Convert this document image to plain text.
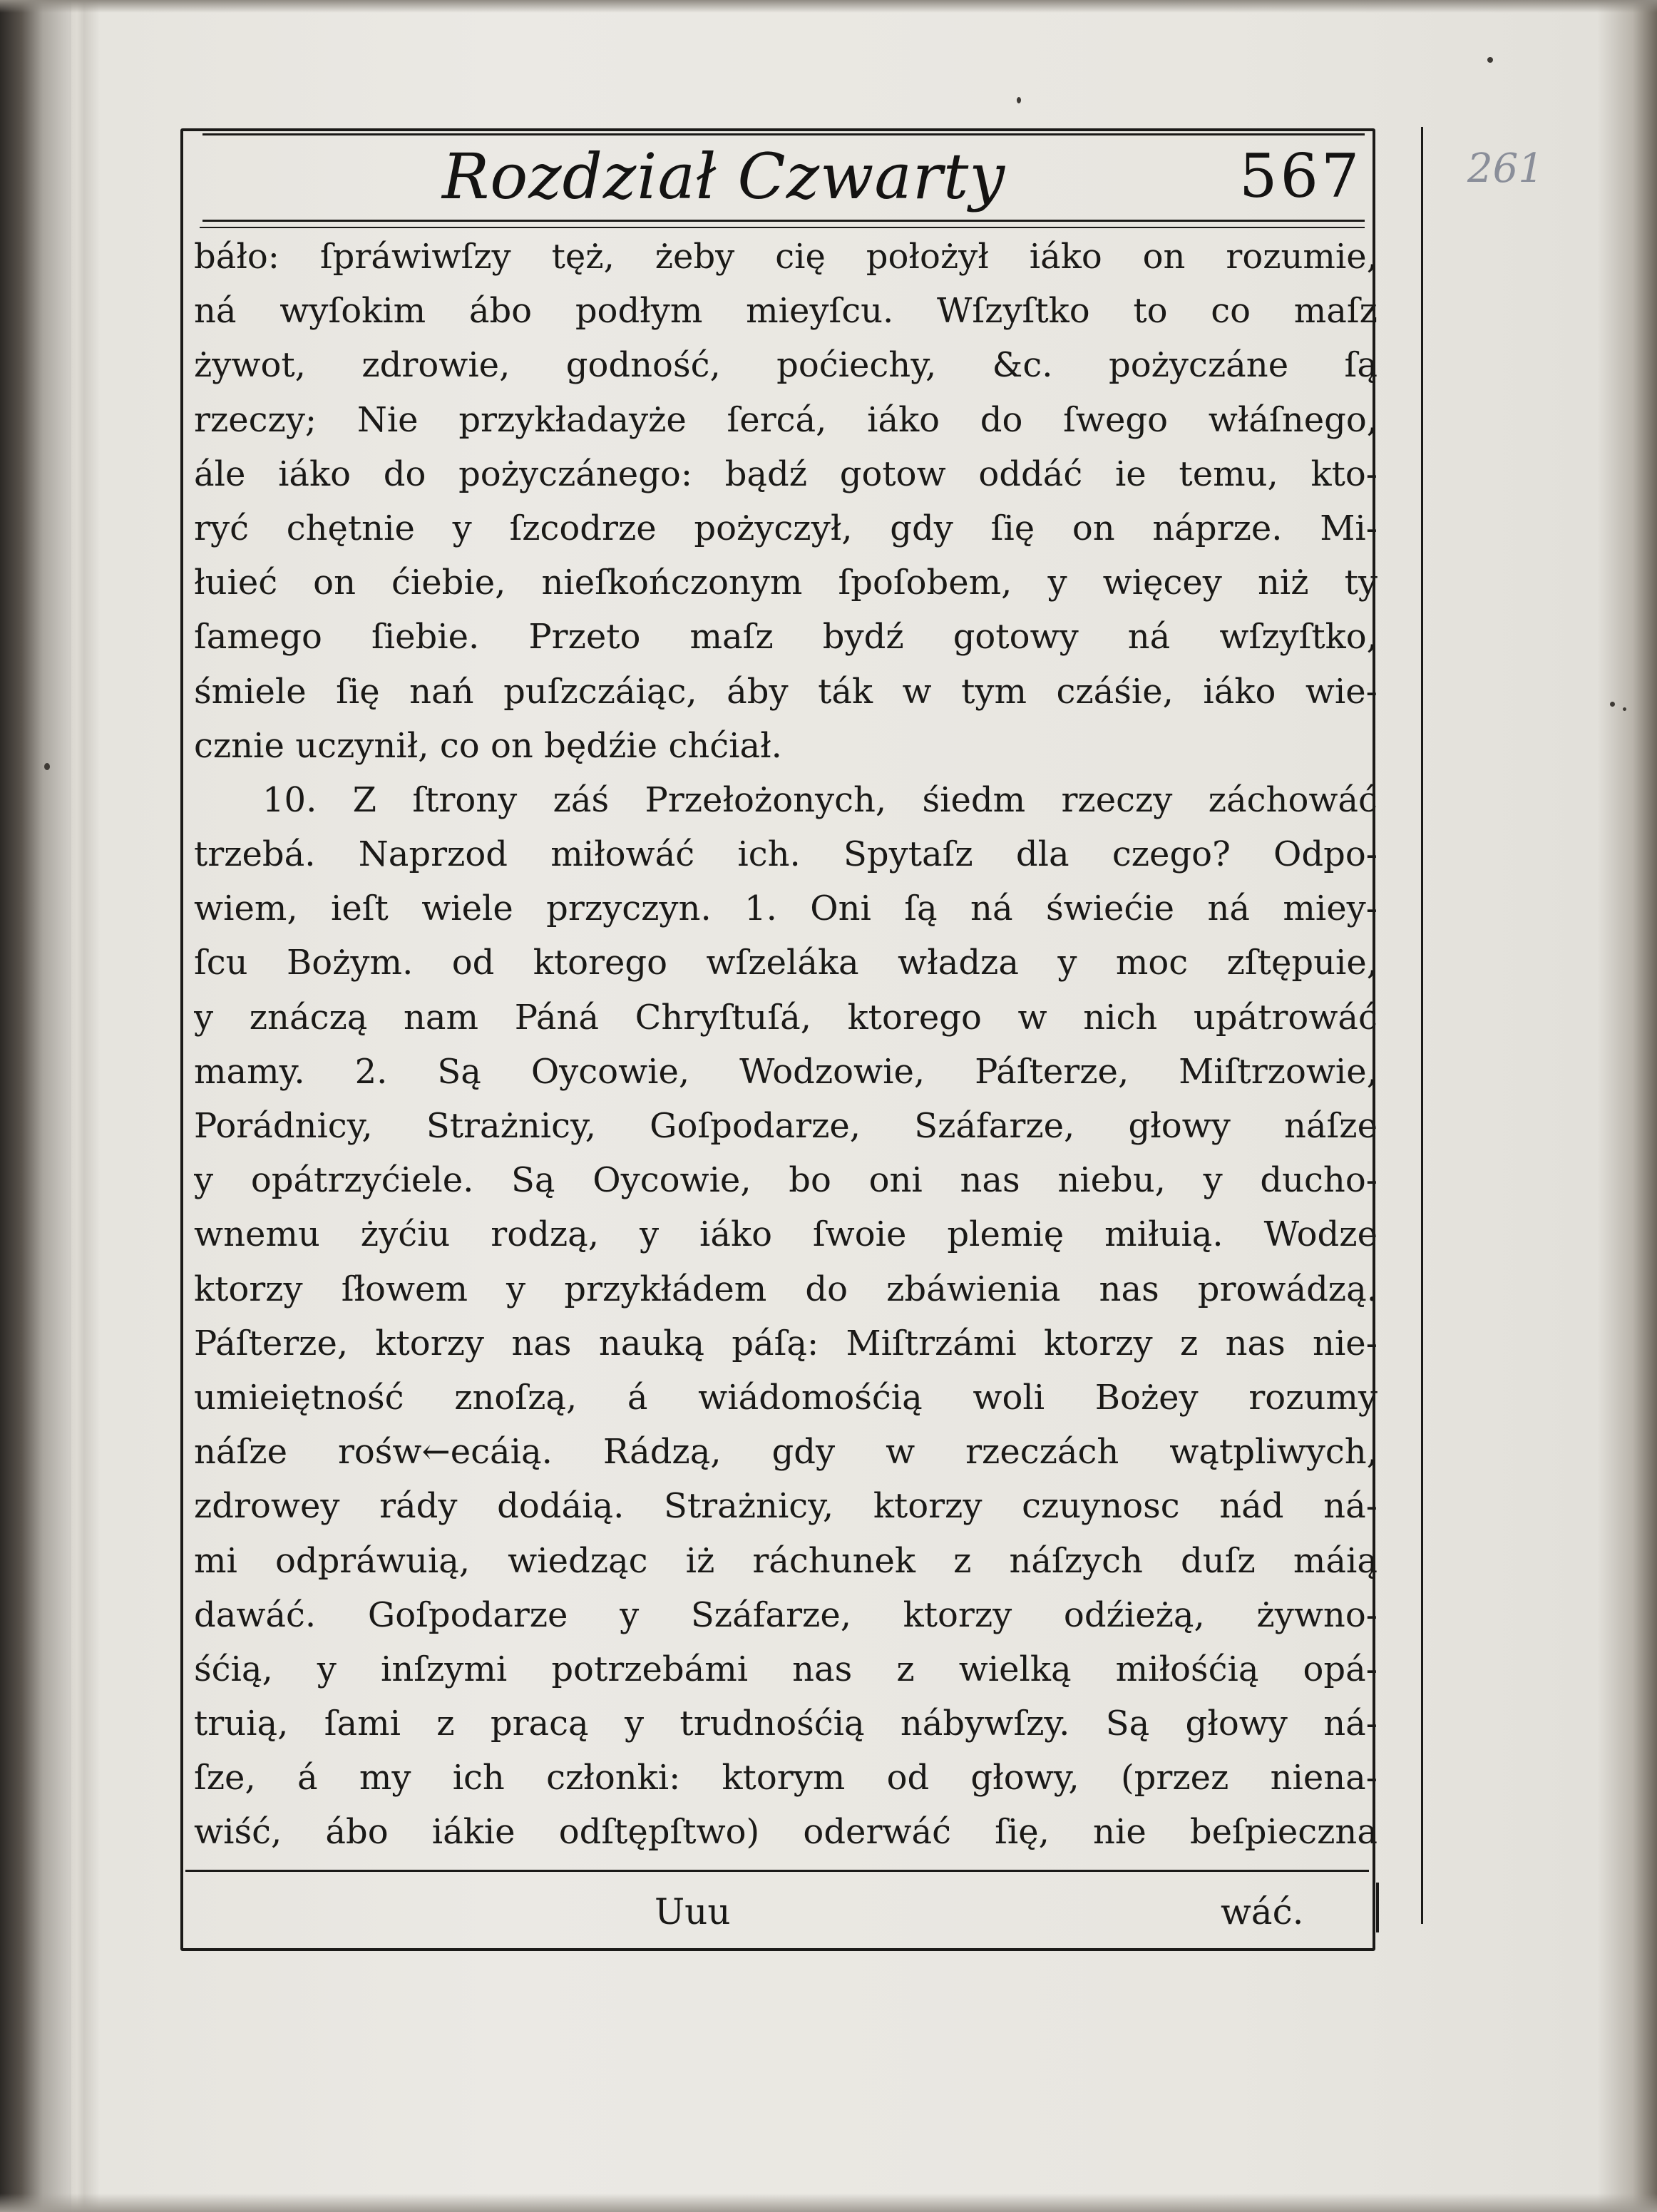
Rozdział Czwarty	567	261
báło: ſpráwiwſzy tęż, żeby cię położył iáko on rozumie,
ná wyſokim ábo podłym mieyſcu. Wſzyſtko to co maſz
żywot, zdrowie, godność, poćiechy, &c. pożyczáne ſą
rzeczy; Nie przykładayże ſercá, iáko do ſwego włáſnego,
ále iáko do pożyczánego: bądź gotow oddáć ie temu, kto-
ryć chętnie y ſzcodrze pożyczył, gdy ſię on náprze. Mi-
łuieć on ćiebie, nieſkończonym ſpoſobem, y więcey niż ty
ſamego ſiebie. Przeto maſz bydź gotowy ná wſzyſtko,
śmiele ſię nań puſzczáiąc, áby ták w tym czáśie, iáko wie-
cznie uczynił, co on będźie chćiał.
10. Z ſtrony záś Przełożonych, śiedm rzeczy záchowáć
trzebá. Naprzod miłowáć ich. Spytaſz dla czego? Odpo-
wiem, ieſt wiele przyczyn. 1. Oni ſą ná świećie ná miey-
ſcu Bożym. od ktorego wſzeláka władza y moc zſtępuie,
y znáczą nam Páná Chryſtuſá, ktorego w nich upátrowáć
mamy. 2. Są Oycowie, Wodzowie, Páſterze, Miſtrzowie,
Porádnicy, Strażnicy, Goſpodarze, Száfarze, głowy náſze
y opátrzyćiele. Są Oycowie, bo oni nas niebu, y ducho-
wnemu żyćiu rodzą, y iáko ſwoie plemię miłuią. Wodze
ktorzy ſłowem y przykłádem do zbáwienia nas prowádzą.
Páſterze, ktorzy nas nauką páſą: Miſtrzámi ktorzy z nas nie-
umieiętność znoſzą, á wiádomośćią woli Bożey rozumy
náſze rośw←ecáią. Rádzą, gdy w rzeczách wątpliwych,
zdrowey rády dodáią. Strażnicy, ktorzy czuynosc nád ná-
mi odpráwuią, wiedząc iż ráchunek z náſzych duſz máią
dawáć. Goſpodarze y Száfarze, ktorzy odźieżą, żywno-
śćią, y inſzymi potrzebámi nas z wielką miłośćią opá-
truią, ſami z pracą y trudnośćią nábywſzy. Są głowy ná-
ſze, á my ich członki: ktorym od głowy, (przez niena-
wiść, ábo iákie odſtępſtwo) oderwáć ſię, nie beſpieczna
Uuu	wáć.
